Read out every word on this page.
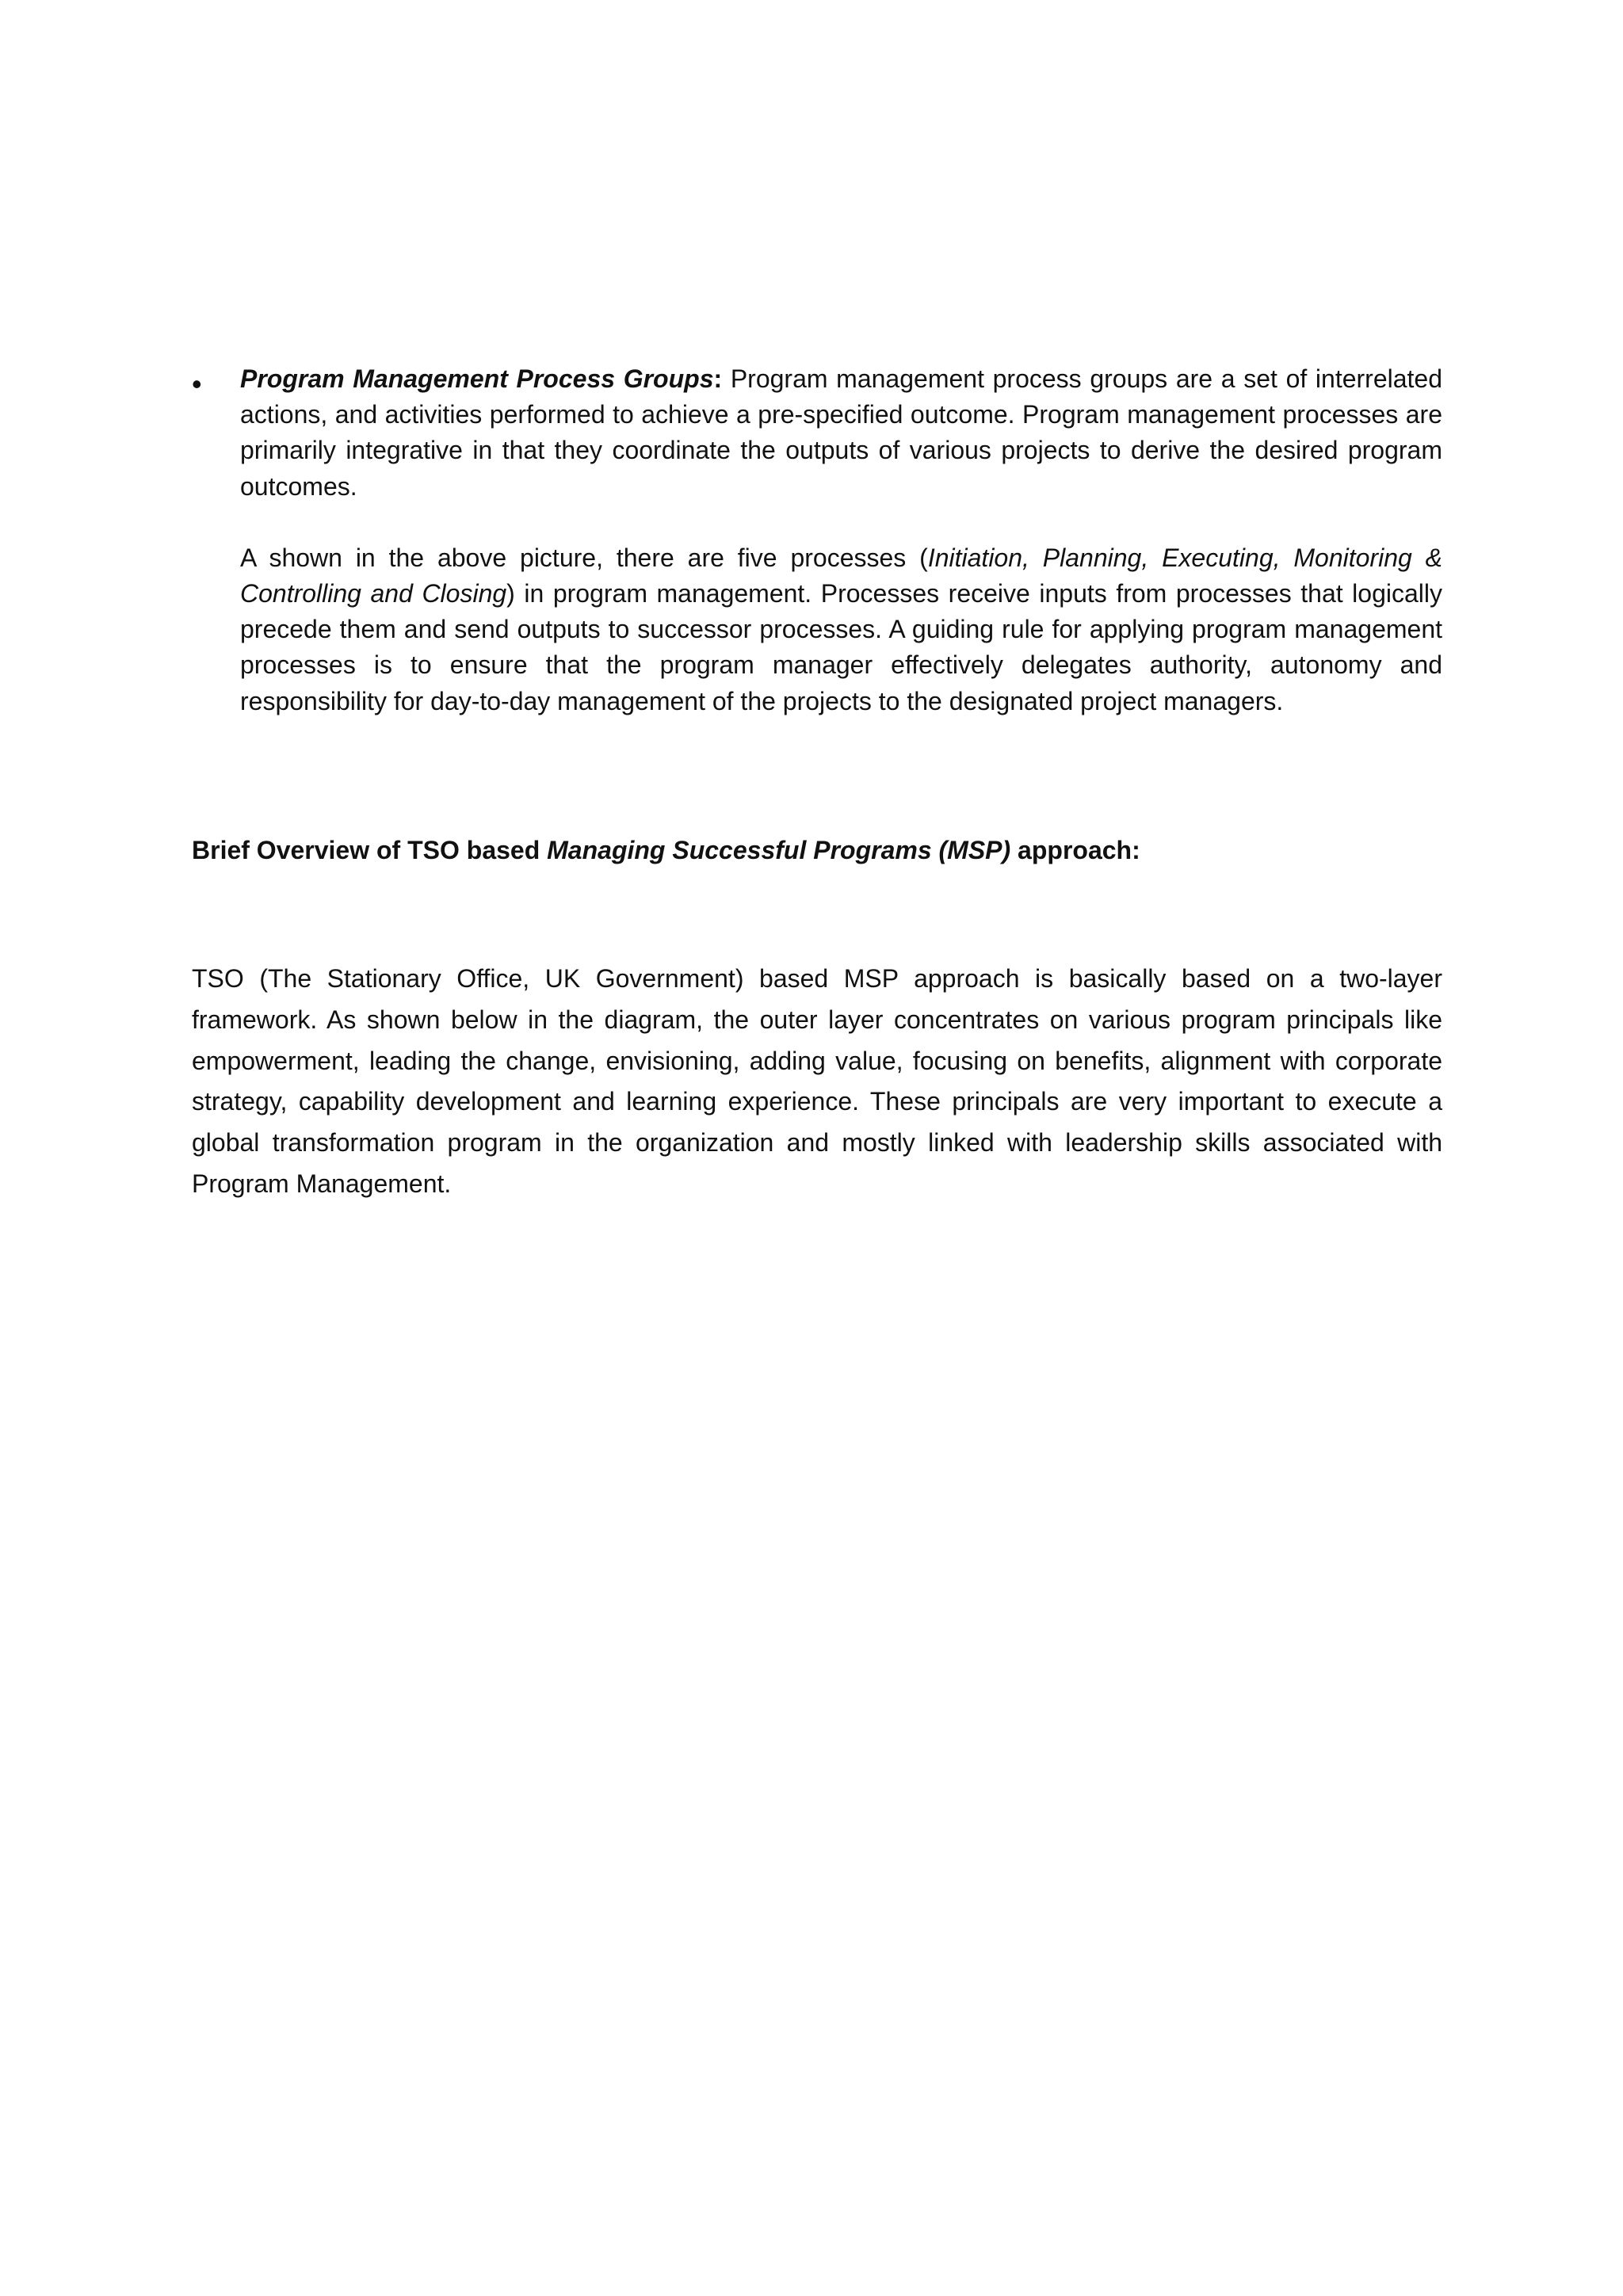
• Program Management Process Groups: Program management process groups are a set of interrelated actions, and activities performed to achieve a pre-specified outcome. Program management processes are primarily integrative in that they coordinate the outputs of various projects to derive the desired program outcomes.

A shown in the above picture, there are five processes (Initiation, Planning, Executing, Monitoring & Controlling and Closing) in program management. Processes receive inputs from processes that logically precede them and send outputs to successor processes. A guiding rule for applying program management processes is to ensure that the program manager effectively delegates authority, autonomy and responsibility for day-to-day management of the projects to the designated project managers.

Brief Overview of TSO based Managing Successful Programs (MSP) approach:

TSO (The Stationary Office, UK Government) based MSP approach is basically based on a two-layer framework. As shown below in the diagram, the outer layer concentrates on various program principals like empowerment, leading the change, envisioning, adding value, focusing on benefits, alignment with corporate strategy, capability development and learning experience. These principals are very important to execute a global transformation program in the organization and mostly linked with leadership skills associated with Program Management.
